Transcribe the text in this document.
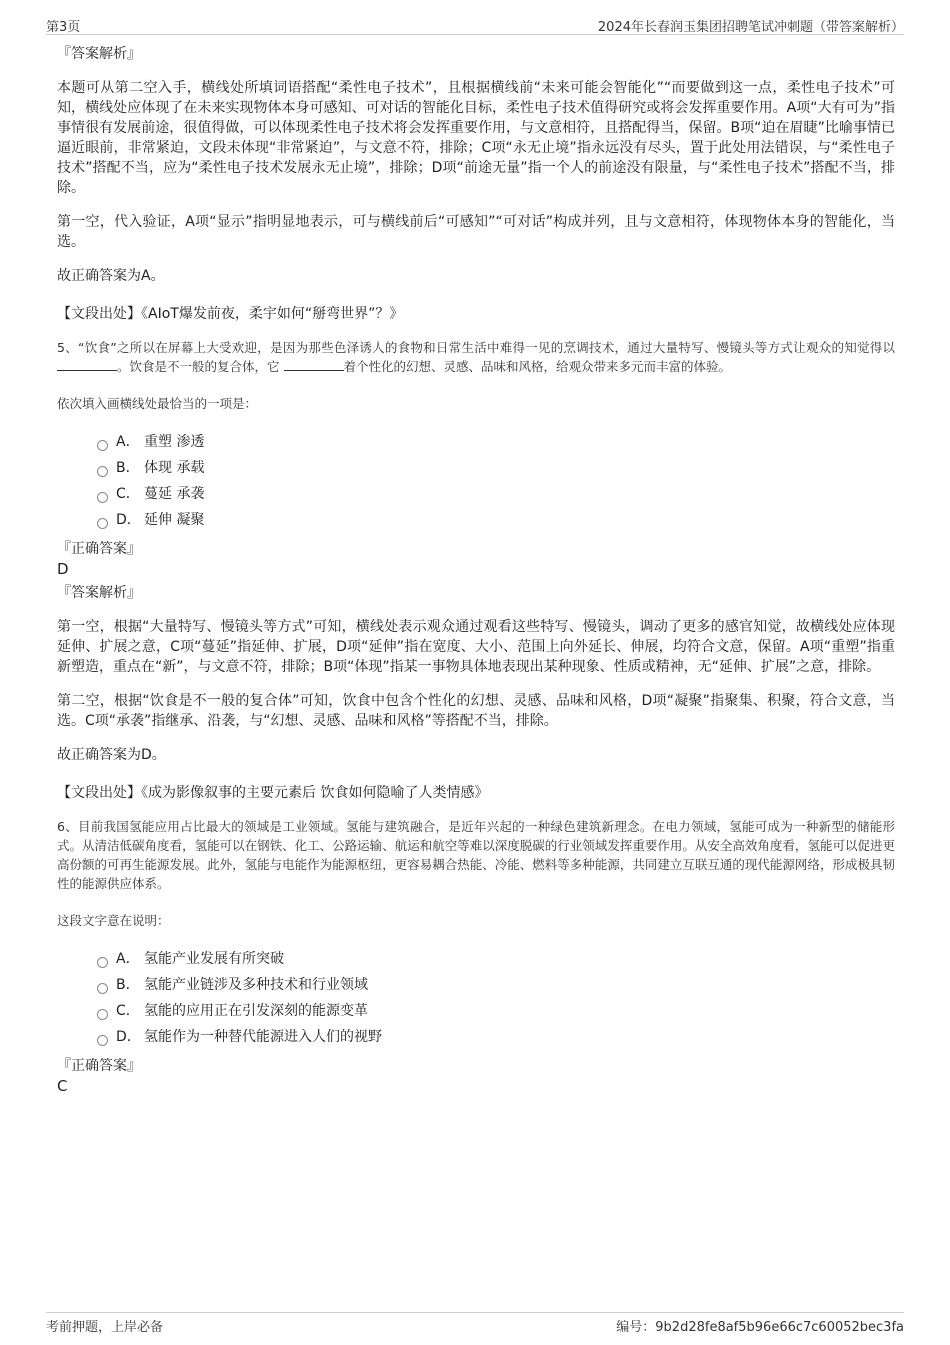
第3页	2024年长春润玉集团招聘笔试冲刺题（带答案解析）

『答案解析』

本题可从第二空入手，横线处所填词语搭配“柔性电子技术”，且根据横线前“未来可能会智能化”“而要做到这一点，柔性电子技术”可知，横线处应体现了在未来实现物体本身可感知、可对话的智能化目标，柔性电子技术值得研究或将会发挥重要作用。A项“大有可为”指事情很有发展前途，很值得做，可以体现柔性电子技术将会发挥重要作用，与文意相符，且搭配得当，保留。B项“迫在眉睫”比喻事情已逼近眼前，非常紧迫，文段未体现“非常紧迫”，与文意不符，排除；C项“永无止境”指永远没有尽头，置于此处用法错误，与“柔性电子技术”搭配不当，应为“柔性电子技术发展永无止境”，排除；D项“前途无量”指一个人的前途没有限量，与“柔性电子技术”搭配不当，排除。

第一空，代入验证，A项“显示”指明显地表示，可与横线前后“可感知”“可对话”构成并列，且与文意相符，体现物体本身的智能化，当选。

故正确答案为A。

【文段出处】《AIoT爆发前夜，柔宇如何“掰弯世界”？》

5、“饮食”之所以在屏幕上大受欢迎，是因为那些色泽诱人的食物和日常生活中难得一见的烹调技术，通过大量特写、慢镜头等方式让观众的知觉得以 。饮食是不一般的复合体，它	着个性化的幻想、灵感、品味和风格，给观众带来多元而丰富的体验。

依次填入画横线处最恰当的一项是：

A． 重塑 渗透
B． 体现 承载
C． 蔓延 承袭
D． 延伸 凝聚

『正确答案』

D

『答案解析』

第一空，根据“大量特写、慢镜头等方式”可知，横线处表示观众通过观看这些特写、慢镜头，调动了更多的感官知觉，故横线处应体现延伸、扩展之意，C项“蔓延”指延伸、扩展，D项“延伸”指在宽度、大小、范围上向外延长、伸展，均符合文意，保留。A项“重塑”指重新塑造，重点在“新”，与文意不符，排除；B项“体现”指某一事物具体地表现出某种现象、性质或精神，无“延伸、扩展”之意，排除。

第二空，根据“饮食是不一般的复合体”可知，饮食中包含个性化的幻想、灵感、品味和风格，D项“凝聚”指聚集、积聚，符合文意，当选。C项“承袭”指继承、沿袭，与“幻想、灵感、品味和风格”等搭配不当，排除。

故正确答案为D。

【文段出处】《成为影像叙事的主要元素后 饮食如何隐喻了人类情感》

6、目前我国氢能应用占比最大的领域是工业领域。氢能与建筑融合，是近年兴起的一种绿色建筑新理念。在电力领域，氢能可成为一种新型的储能形式。从清洁低碳角度看，氢能可以在钢铁、化工、公路运输、航运和航空等难以深度脱碳的行业领域发挥重要作用。从安全高效角度看，氢能可以促进更高份额的可再生能源发展。此外，氢能与电能作为能源枢纽，更容易耦合热能、冷能、燃料等多种能源，共同建立互联互通的现代能源网络，形成极具韧性的能源供应体系。

这段文字意在说明：

A． 氢能产业发展有所突破
B． 氢能产业链涉及多种技术和行业领域
C． 氢能的应用正在引发深刻的能源变革
D． 氢能作为一种替代能源进入人们的视野

『正确答案』

C

考前押题，上岸必备	编号：9b2d28fe8af5b96e66c7c60052bec3fa
